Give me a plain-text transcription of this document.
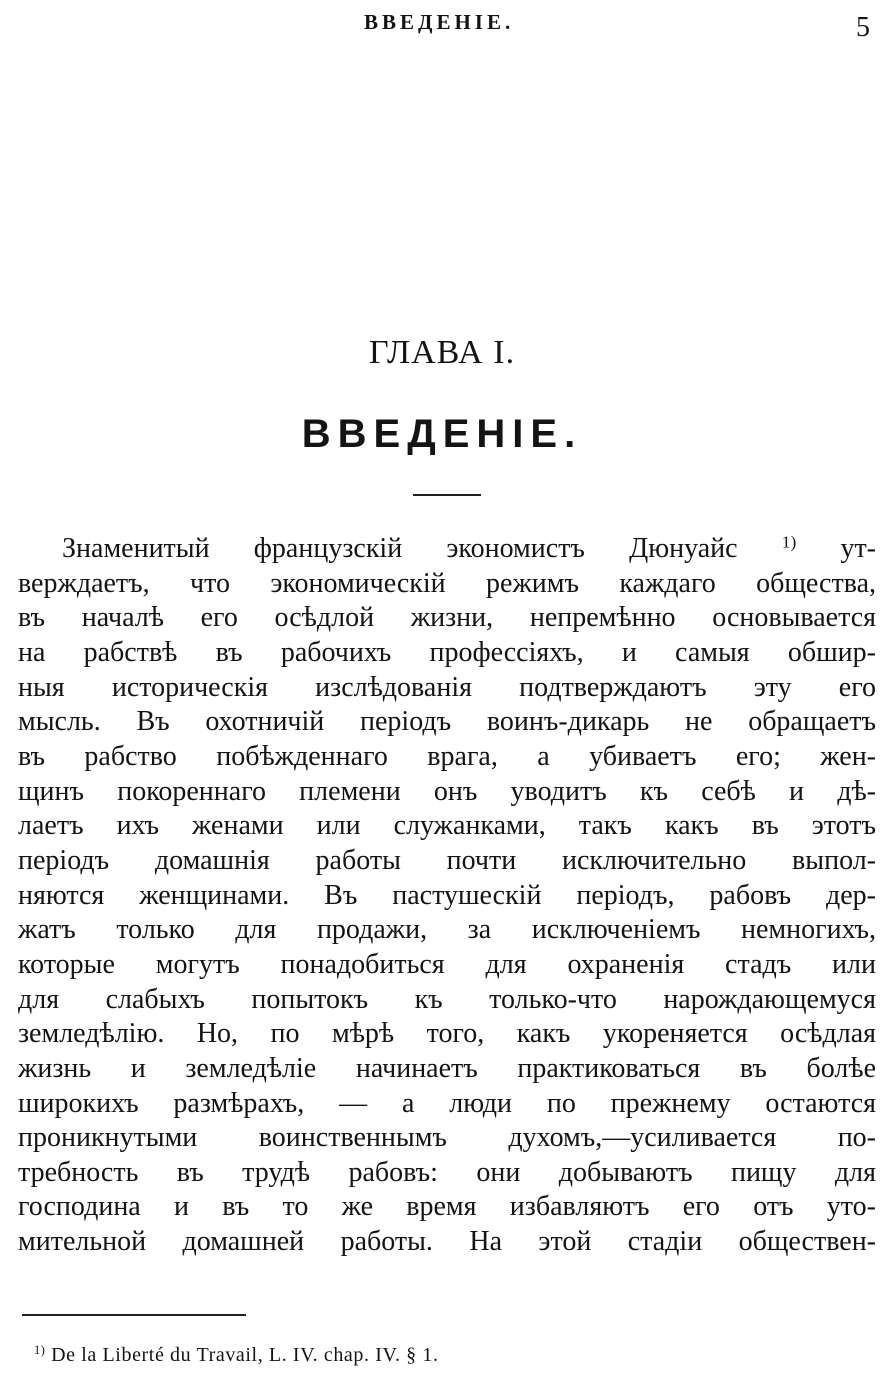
ВВЕДЕНIЕ.	5
ГЛАВА I.
ВВЕДЕНIЕ.
Знаменитый французскій экономистъ Дюнуайс	$^{1)}$ ут-
верждаетъ, что экономическій режимъ каждаго общества,
въ началѣ его осѣдлой жизни, непремѣнно основывается
на рабствѣ въ рабочихъ профессіяхъ, и самыя обшир-
ныя историческія изслѣдованія подтверждаютъ эту его
мысль. Въ охотничій періодъ воинъ-дикарь не обращаетъ
въ рабство побѣжденнаго врага, а убиваетъ его; жен-
щинъ покореннаго племени онъ уводитъ къ себѣ и дѣ-
лаетъ ихъ женами или служанками, такъ какъ въ этотъ
періодъ домашнія работы почти исключительно выпол-
няются женщинами. Въ пастушескій періодъ, рабовъ дер-
жатъ только для продажи, за исключеніемъ немногихъ,
которые могутъ понадобиться для охраненія стадъ или
для слабыхъ попытокъ къ только-что нарождающемуся
земледѣлію. Но, по мѣрѣ того, какъ укореняется осѣдлая
жизнь и земледѣліе начинаетъ практиковаться въ болѣе
широкихъ размѣрахъ, — а люди по прежнему остаются
проникнутыми воинственнымъ духомъ,—усиливается по-
требность въ трудѣ рабовъ: они добываютъ пищу для
господина и въ то же время избавляютъ его отъ уто-
мительной домашней работы. На этой стадіи обществен-

$^{1)}$ De la Liberté du Travail, L. IV. chap. IV. § 1.
